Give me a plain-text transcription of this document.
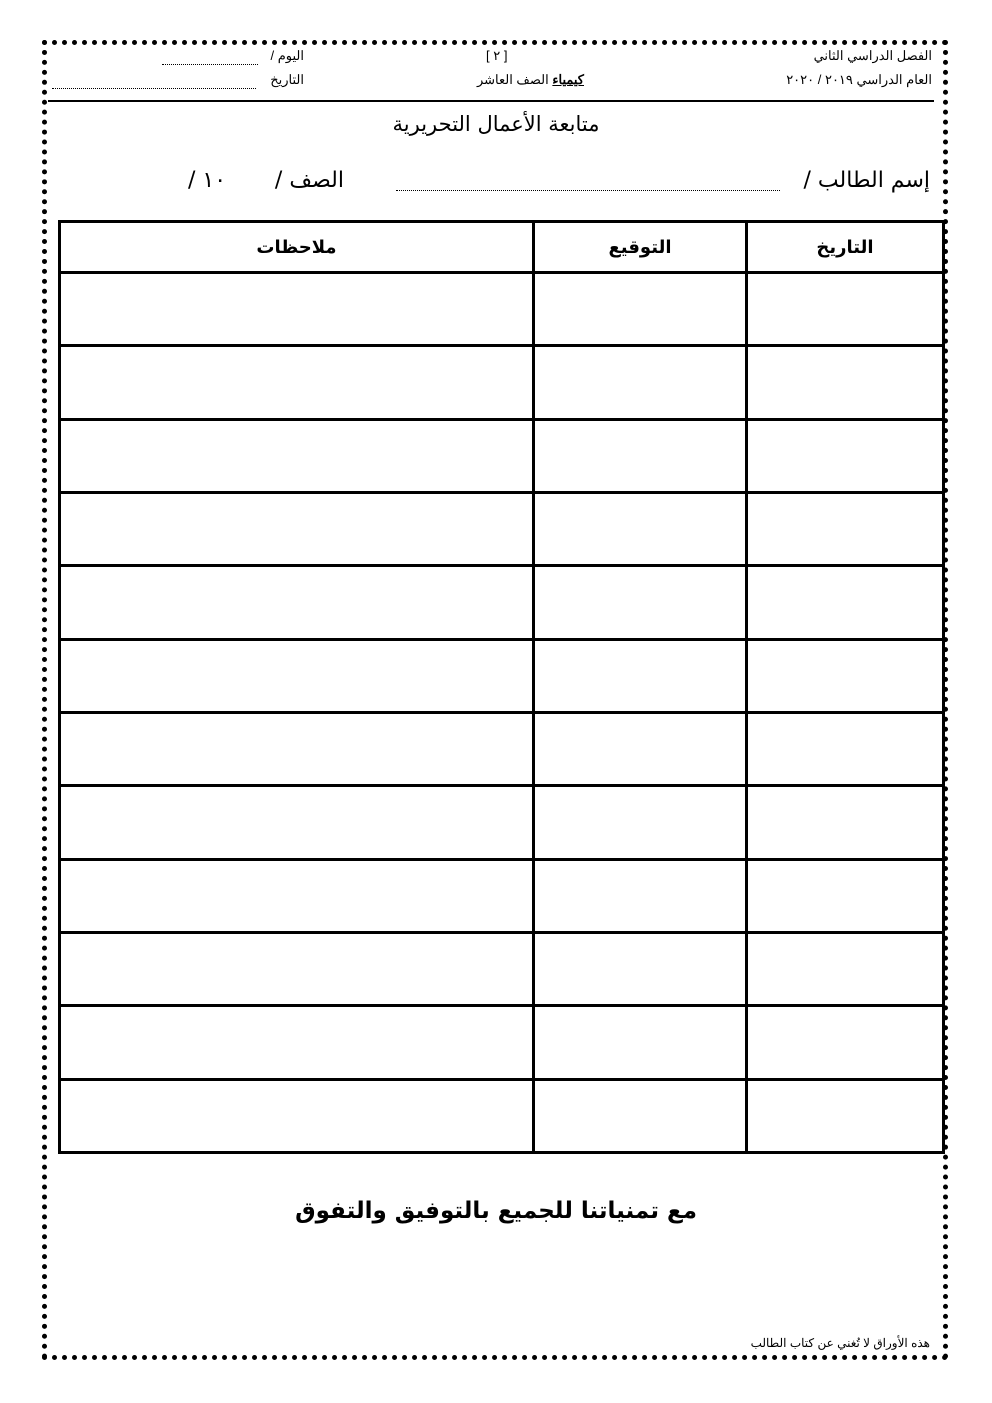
الفصل الدراسي الثاني
العام الدراسي ٢٠١٩ / ٢٠٢٠
[ ٢ ]
كيمياء الصف العاشر
اليوم /
التاريخ
متابعة الأعمال التحريرية
إسم الطالب /
الصف /
١٠ /
التاريخ	التوقيع	ملاحظات

مع تمنياتنا للجميع بالتوفيق والتفوق
هذه الأوراق لا تُغني عن كتاب الطالب
